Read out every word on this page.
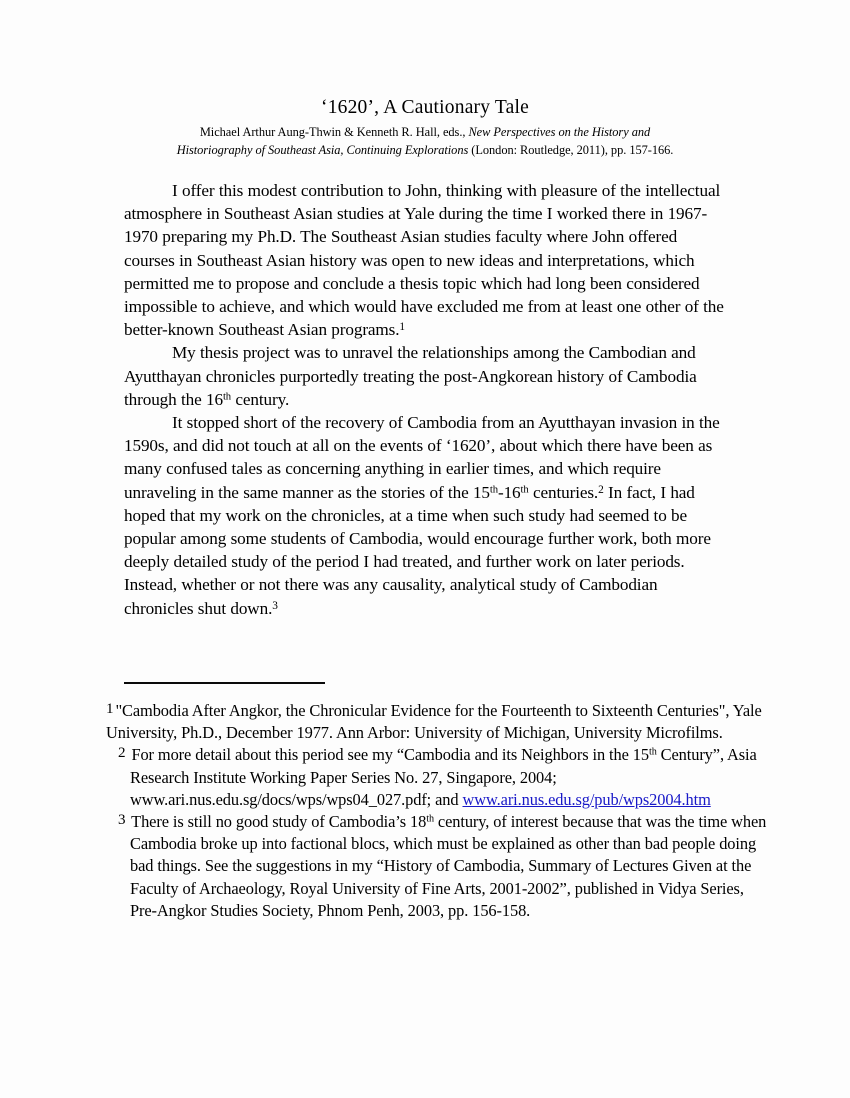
‘1620’, A Cautionary Tale
Michael Arthur Aung-Thwin & Kenneth R. Hall, eds., New Perspectives on the History and
Historiography of Southeast Asia, Continuing Explorations (London: Routledge, 2011), pp. 157-166.

I offer this modest contribution to John, thinking with pleasure of the intellectual atmosphere in Southeast Asian studies at Yale during the time I worked there in 1967-1970 preparing my Ph.D. The Southeast Asian studies faculty where John offered courses in Southeast Asian history was open to new ideas and interpretations, which permitted me to propose and conclude a thesis topic which had long been considered impossible to achieve, and which would have excluded me from at least one other of the better-known Southeast Asian programs.$^1$

My thesis project was to unravel the relationships among the Cambodian and Ayutthayan chronicles purportedly treating the post-Angkorean history of Cambodia through the 16th century.

It stopped short of the recovery of Cambodia from an Ayutthayan invasion in the 1590s, and did not touch at all on the events of ‘1620’, about which there have been as many confused tales as concerning anything in earlier times, and which require unraveling in the same manner as the stories of the 15th-16th centuries.$^2$ In fact, I had hoped that my work on the chronicles, at a time when such study had seemed to be popular among some students of Cambodia, would encourage further work, both more deeply detailed study of the period I had treated, and further work on later periods. Instead, whether or not there was any causality, analytical study of Cambodian chronicles shut down.$^3$

1 "Cambodia After Angkor, the Chronicular Evidence for the Fourteenth to Sixteenth Centuries", Yale University, Ph.D., December 1977. Ann Arbor: University of Michigan, University Microfilms.

2 For more detail about this period see my “Cambodia and its Neighbors in the 15th Century”, Asia Research Institute Working Paper Series No. 27, Singapore, 2004; www.ari.nus.edu.sg/docs/wps/wps04_027.pdf; and www.ari.nus.edu.sg/pub/wps2004.htm

3 There is still no good study of Cambodia’s 18th century, of interest because that was the time when Cambodia broke up into factional blocs, which must be explained as other than bad people doing bad things. See the suggestions in my “History of Cambodia, Summary of Lectures Given at the Faculty of Archaeology, Royal University of Fine Arts, 2001-2002”, published in Vidya Series, Pre-Angkor Studies Society, Phnom Penh, 2003, pp. 156-158.
